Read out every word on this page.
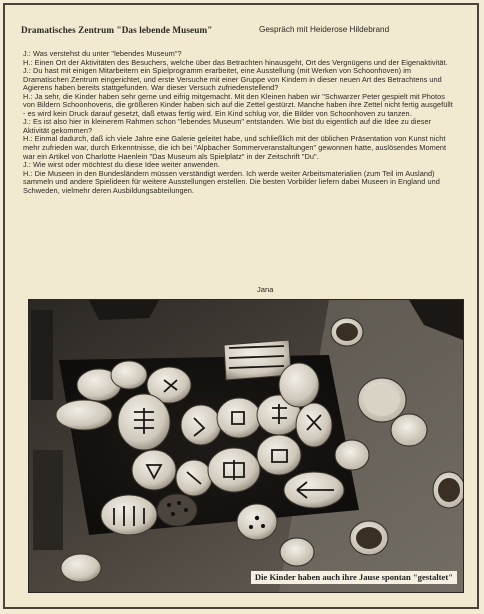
Dramatisches Zentrum "Das lebende Museum"	Gespräch mit Heiderose Hildebrand

J.: Was verstehst du unter "lebendes Museum"?

H.: Einen Ort der Aktivitäten des Besuchers, welche über das Betrachten hinausgeht, Ort des Vergnügens und der Eigenaktivität.

J.: Du hast mit einigen Mitarbeitern ein Spielprogramm erarbeitet, eine Ausstellung (mit Werken von Schoonhoven) im Dramatischen Zentrum eingerichtet, und erste Versuche mit einer Gruppe von Kindern in dieser neuen Art des Betrachtens und Agierens haben bereits stattgefunden. War dieser Versuch zufriedenstellend?

H.: Ja sehr, die Kinder haben sehr gerne und eifrig mitgemacht. Mit den Kleinen haben wir "Schwarzer Peter gespielt mit Photos von Bildern Schoonhovens, die größeren Kinder haben sich auf die Zettel gestürzt. Manche haben ihre Zettel nicht fertig ausgefüllt - es wird kein Druck darauf gesetzt, daß etwas fertig wird. Ein Kind schlug vor, die Bilder von Schoonhoven zu tanzen.

J.: Es ist also hier in kleinerem Rahmen schon "lebendes Museum" entstanden. Wie bist du eigentlich auf die Idee zu dieser Aktivität gekommen?

H.: Einmal dadurch, daß ich viele Jahre eine Galerie geleitet habe, und schließlich mit der üblichen Präsentation von Kunst nicht mehr zufrieden war, durch Erkenntnisse, die ich bei "Alpbacher Sommerveranstaltungen" gewonnen hatte, auslösendes Moment war ein Artikel von Charlotte Haenlein "Das Museum als Spielplatz" in der Zeitschrift "Du".

J.: Wie wirst oder möchtest du diese Idee weiter anwenden.

H.: Die Museen in den Bundesländern müssen verständigt werden. Ich werde weiter Arbeitsmaterialien (zum Teil im Ausland) sammeln und andere Spielideen für weitere Ausstellungen erstellen. Die besten Vorbilder liefern dabei Museen in England und Schweden, vielmehr deren Ausbildungsabteilungen.

Jana
Die Kinder haben auch ihre Jause spontan "gestaltet"
